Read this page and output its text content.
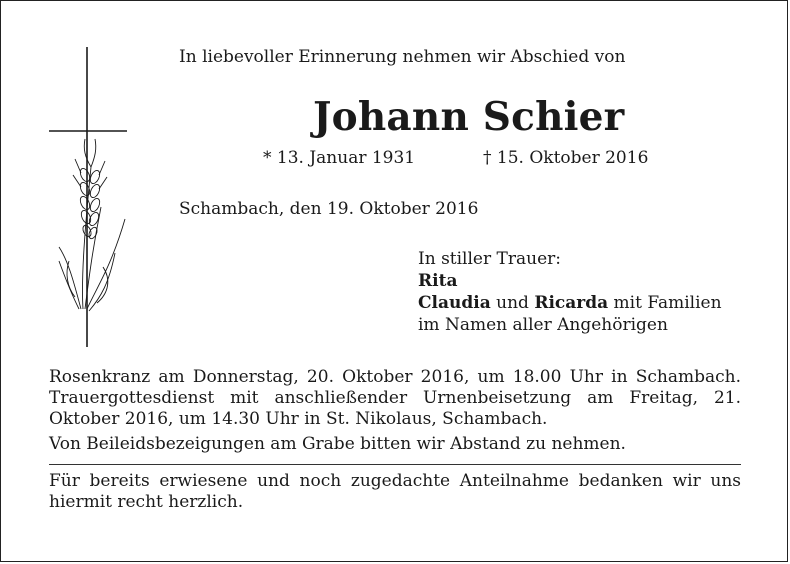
In liebevoller Erinnerung nehmen wir Abschied von
Johann Schier
* 13. Januar 1931	† 15. Oktober 2016
Schambach, den 19. Oktober 2016
In stiller Trauer:
Rita
Claudia und Ricarda mit Familien
im Namen aller Angehörigen

Rosenkranz am Donnerstag, 20. Oktober 2016, um 18.00 Uhr in Schambach. Trauergottesdienst mit anschließender Urnenbeisetzung am Freitag, 21. Oktober 2016, um 14.30 Uhr in St. Nikolaus, Schambach.

Von Beileidsbezeigungen am Grabe bitten wir Abstand zu nehmen.

Für bereits erwiesene und noch zugedachte Anteilnahme bedanken wir uns hiermit recht herzlich.
